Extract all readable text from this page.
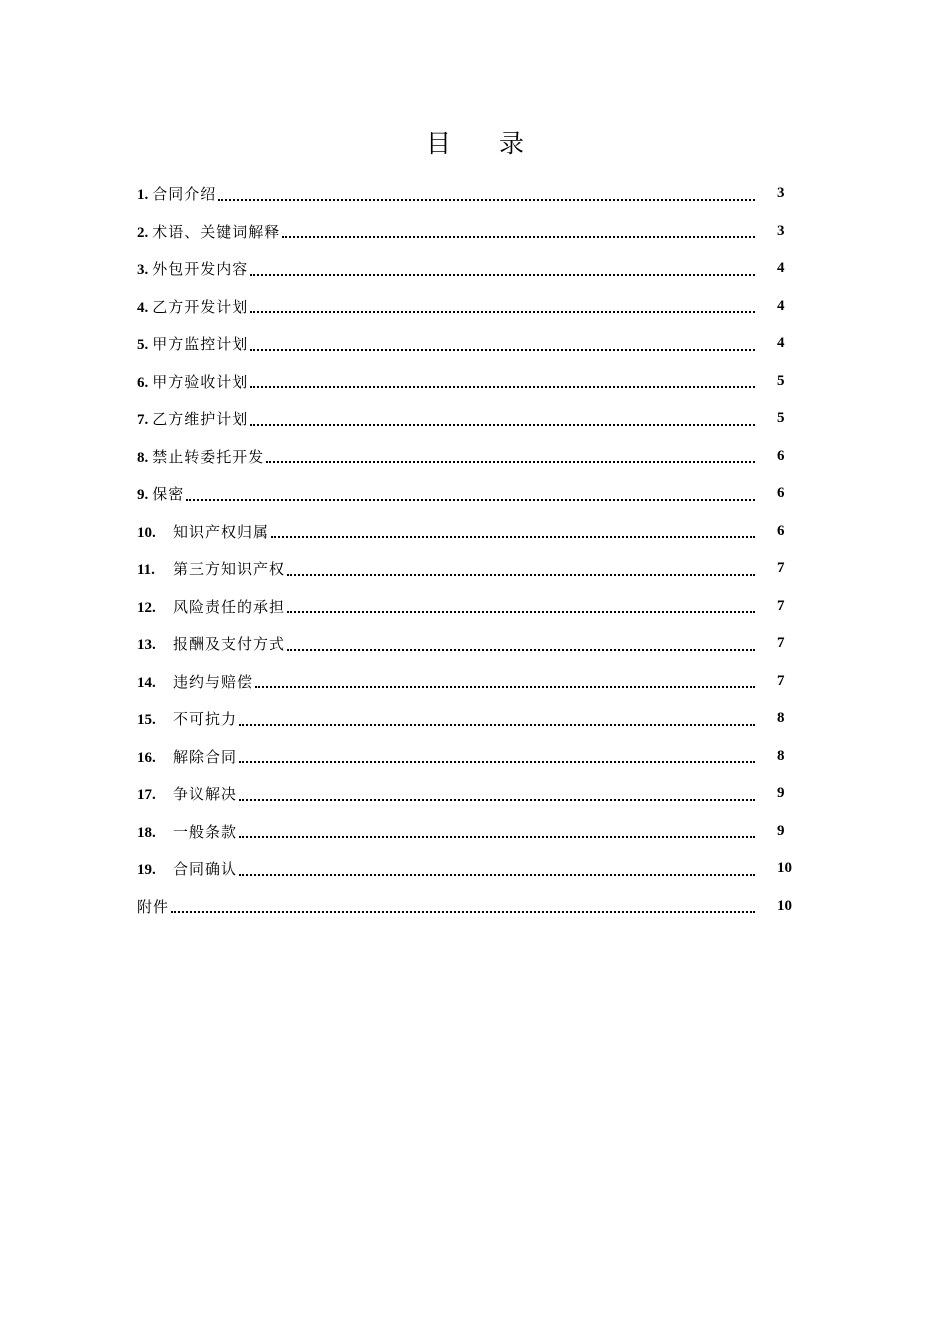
目 录
1. 合同介绍	3
2. 术语、关键词解释	3
3. 外包开发内容	4
4. 乙方开发计划	4
5. 甲方监控计划	4
6. 甲方验收计划	5
7. 乙方维护计划	5
8. 禁止转委托开发	6
9. 保密	6
10.	知识产权归属	6
11.	第三方知识产权	7
12.	风险责任的承担	7
13.	报酬及支付方式	7
14.	违约与赔偿	7
15.	不可抗力	8
16.	解除合同	8
17.	争议解决	9
18.	一般条款	9
19.	合同确认	10
附件	10
